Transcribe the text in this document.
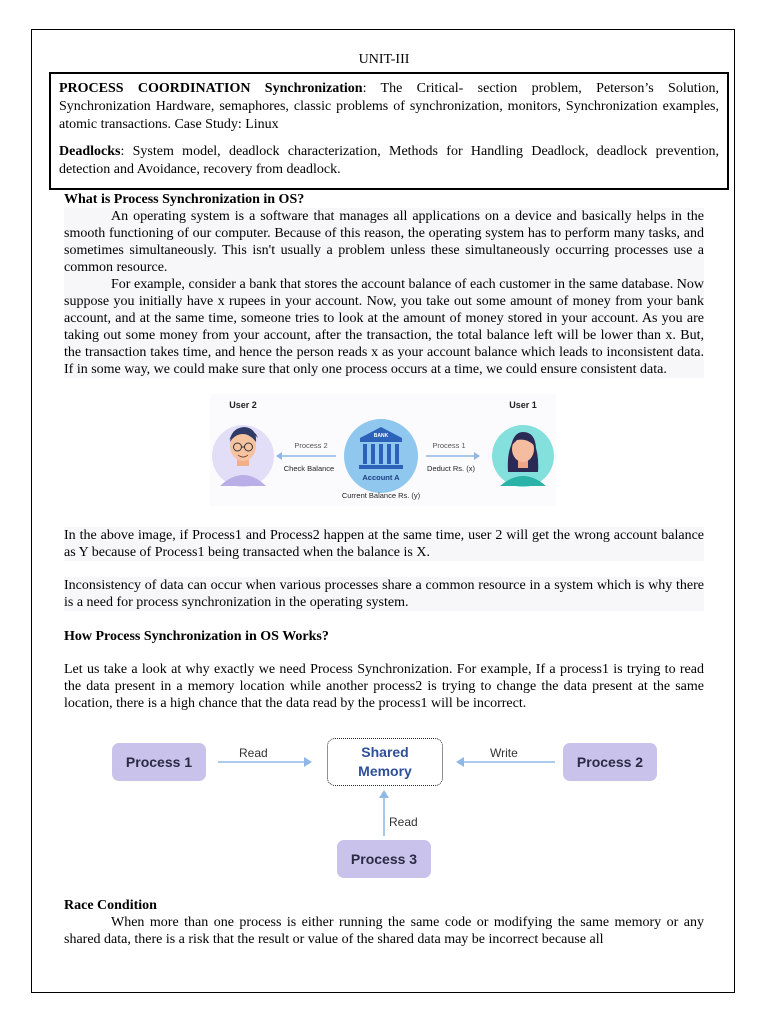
UNIT-III

PROCESS COORDINATION Synchronization: The Critical- section problem, Peterson’s Solution, Synchronization Hardware, semaphores, classic problems of synchronization, monitors, Synchronization examples, atomic transactions. Case Study: Linux

Deadlocks: System model, deadlock characterization, Methods for Handling Deadlock, deadlock prevention, detection and Avoidance, recovery from deadlock.

What is Process Synchronization in OS?

An operating system is a software that manages all applications on a device and basically helps in the smooth functioning of our computer. Because of this reason, the operating system has to perform many tasks, and sometimes simultaneously. This isn't usually a problem unless these simultaneously occurring processes use a common resource.

For example, consider a bank that stores the account balance of each customer in the same database. Now suppose you initially have x rupees in your account. Now, you take out some amount of money from your bank account, and at the same time, someone tries to look at the amount of money stored in your account. As you are taking out some money from your account, after the transaction, the total balance left will be lower than x. But, the transaction takes time, and hence the person reads x as your account balance which leads to inconsistent data. If in some way, we could make sure that only one process occurs at a time, we could ensure consistent data.

User 2	User 1
BANK
Account A
Process 2
Check Balance
Process 1
Deduct Rs. (x)
Current Balance Rs. (y)

In the above image, if Process1 and Process2 happen at the same time, user 2 will get the wrong account balance as Y because of Process1 being transacted when the balance is X.

Inconsistency of data can occur when various processes share a common resource in a system which is why there is a need for process synchronization in the operating system.

How Process Synchronization in OS Works?

Let us take a look at why exactly we need Process Synchronization. For example, If a process1 is trying to read the data present in a memory location while another process2 is trying to change the data present at the same location, there is a high chance that the data read by the process1 will be incorrect.

Process 1	Process 2
Process 3
Shared
Memory
Read	Write
Read
Race Condition

When more than one process is either running the same code or modifying the same memory or any shared data, there is a risk that the result or value of the shared data may be incorrect because all
